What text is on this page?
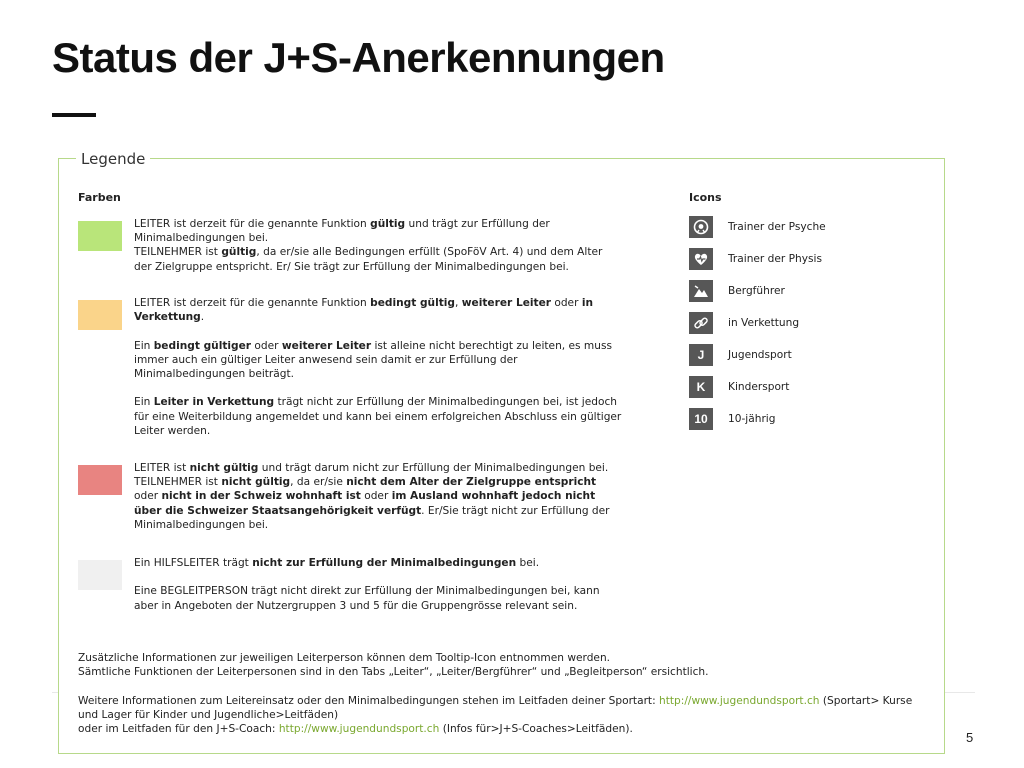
Status der J+S-Anerkennungen
Legende
Farben	Icons

LEITER ist derzeit für die genannte Funktion gültig und trägt zur Erfüllung der

Minimalbedingungen bei.

TEILNEHMER ist gültig, da er/sie alle Bedingungen erfüllt (SpoFöV Art. 4) und dem Alter

der Zielgruppe entspricht. Er/ Sie trägt zur Erfüllung der Minimalbedingungen bei.

LEITER ist derzeit für die genannte Funktion bedingt gültig, weiterer Leiter oder in

Verkettung.

Ein bedingt gültiger oder weiterer Leiter ist alleine nicht berechtigt zu leiten, es muss

immer auch ein gültiger Leiter anwesend sein damit er zur Erfüllung der

Minimalbedingungen beiträgt.

Ein Leiter in Verkettung trägt nicht zur Erfüllung der Minimalbedingungen bei, ist jedoch

für eine Weiterbildung angemeldet und kann bei einem erfolgreichen Abschluss ein gültiger

Leiter werden.

LEITER ist nicht gültig und trägt darum nicht zur Erfüllung der Minimalbedingungen bei.

TEILNEHMER ist nicht gültig, da er/sie nicht dem Alter der Zielgruppe entspricht

oder nicht in der Schweiz wohnhaft ist oder im Ausland wohnhaft jedoch nicht

über die Schweizer Staatsangehörigkeit verfügt. Er/Sie trägt nicht zur Erfüllung der

Minimalbedingungen bei.

Ein HILFSLEITER trägt nicht zur Erfüllung der Minimalbedingungen bei.

Eine BEGLEITPERSON trägt nicht direkt zur Erfüllung der Minimalbedingungen bei, kann

aber in Angeboten der Nutzergruppen 3 und 5 für die Gruppengrösse relevant sein.

Trainer der Psyche
Trainer der Physis
Bergführer
in Verkettung
J	Jugendsport
K	Kindersport
10	10-jährig

Zusätzliche Informationen zur jeweiligen Leiterperson können dem Tooltip-Icon entnommen werden.

Sämtliche Funktionen der Leiterpersonen sind in den Tabs „Leiter“, „Leiter/Bergführer“ und „Begleitperson“ ersichtlich.

Weitere Informationen zum Leitereinsatz oder den Minimalbedingungen stehen im Leitfaden deiner Sportart: http://www.jugendundsport.ch (Sportart> Kurse

und Lager für Kinder und Jugendliche>Leitfäden)

oder im Leitfaden für den J+S-Coach: http://www.jugendundsport.ch (Infos für>J+S-Coaches>Leitfäden).

5
